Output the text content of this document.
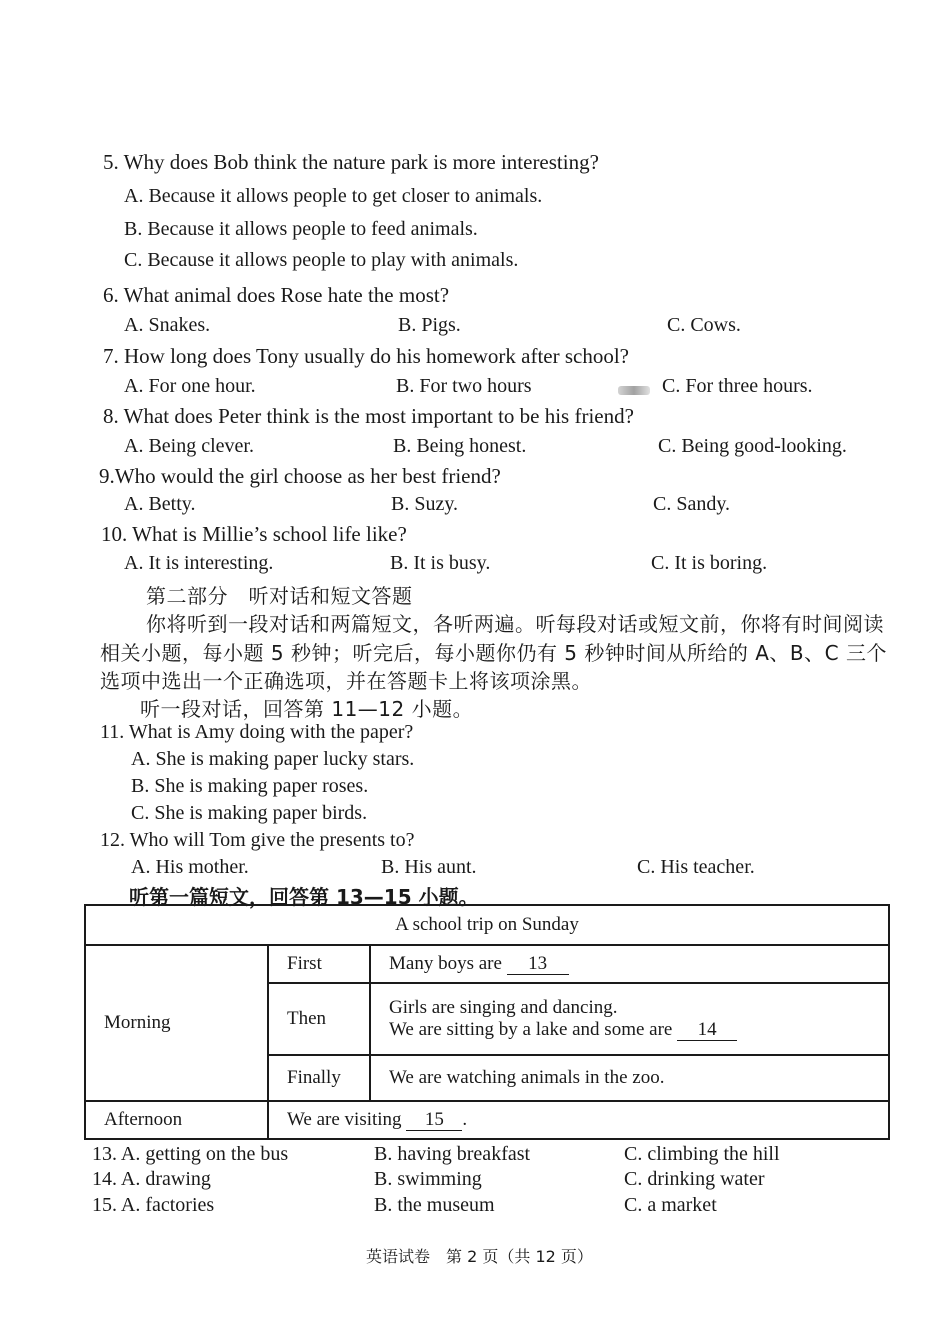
5. Why does Bob think the nature park is more interesting?
A. Because it allows people to get closer to animals.
B. Because it allows people to feed animals.
C. Because it allows people to play with animals.
6. What animal does Rose hate the most?
A. Snakes.	B. Pigs.	C. Cows.
7. How long does Tony usually do his homework after school?
A. For one hour.	B. For two hours	C. For three hours.
8. What does Peter think is the most important to be his friend?
A. Being clever.	B. Being honest.	C. Being good-looking.
9.Who would the girl choose as her best friend?
A. Betty.	B. Suzy.	C. Sandy.
10. What is Millie’s school life like?
A. It is interesting.	B. It is busy.	C. It is boring.
第二部分　听对话和短文答题
你将听到一段对话和两篇短文，各听两遍。听每段对话或短文前，你将有时间阅读
相关小题，每小题 5 秒钟；听完后，每小题你仍有 5 秒钟时间从所给的 A、B、C 三个
选项中选出一个正确选项，并在答题卡上将该项涂黑。
听一段对话，回答第 11—12 小题。
11. What is Amy doing with the paper?
A. She is making paper lucky stars.
B. She is making paper roses.
C. She is making paper birds.
12. Who will Tom give the presents to?
A. His mother.	B. His aunt.	C. His teacher.
听第一篇短文，回答第 13—15 小题。
A school trip on Sunday		
Morning	First	Many boys are 13
	Then	Girls are singing and dancing.
We are sitting by a lake and some are 14

	Finally	We are watching animals in the zoo.
Afternoon	We are visiting 15 .	
13. A. getting on the bus	B. having breakfast	C. climbing the hill
14. A. drawing	B. swimming	C. drinking water
15. A. factories	B. the museum	C. a market
英语试卷　第 2 页（共 12 页）
